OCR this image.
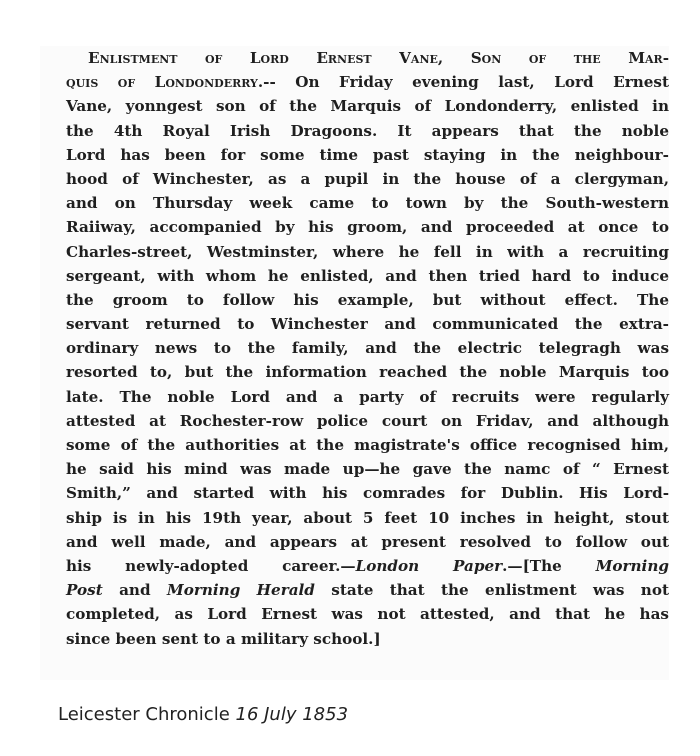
Enlistment of Lord Ernest Vane, Son of the Mar-
quis of Londonderry.-- On Friday evening last, Lord Ernest
Vane, yonngest son of the Marquis of Londonderry, enlisted in
the 4th Royal Irish Dragoons. It appears that the noble
Lord has been for some time past staying in the neighbour-
hood of Winchester, as a pupil in the house of a clergyman,
and on Thursday week came to town by the South-western
Raiiway, accompanied by his groom, and proceeded at once to
Charles-street, Westminster, where he fell in with a recruiting
sergeant, with whom he enlisted, and then tried hard to induce
the groom to follow his example, but without effect. The
servant returned to Winchester and communicated the extra-
ordinary news to the family, and the electric telegragh was
resorted to, but the information reached the noble Marquis too
late. The noble Lord and a party of recruits were regularly
attested at Rochester-row police court on Fridav, and although
some of the authorities at the magistrate's office recognised him,
he said his mind was made up—he gave the namc of “ Ernest
Smith,” and started with his comrades for Dublin. His Lord-
ship is in his 19th year, about 5 feet 10 inches in height, stout
and well made, and appears at present resolved to follow out
his newly-adopted career.—London Paper.—[The Morning
Post and Morning Herald state that the enlistment was not
completed, as Lord Ernest was not attested, and that he has
since been sent to a military school.]

Leicester Chronicle 16 July 1853
